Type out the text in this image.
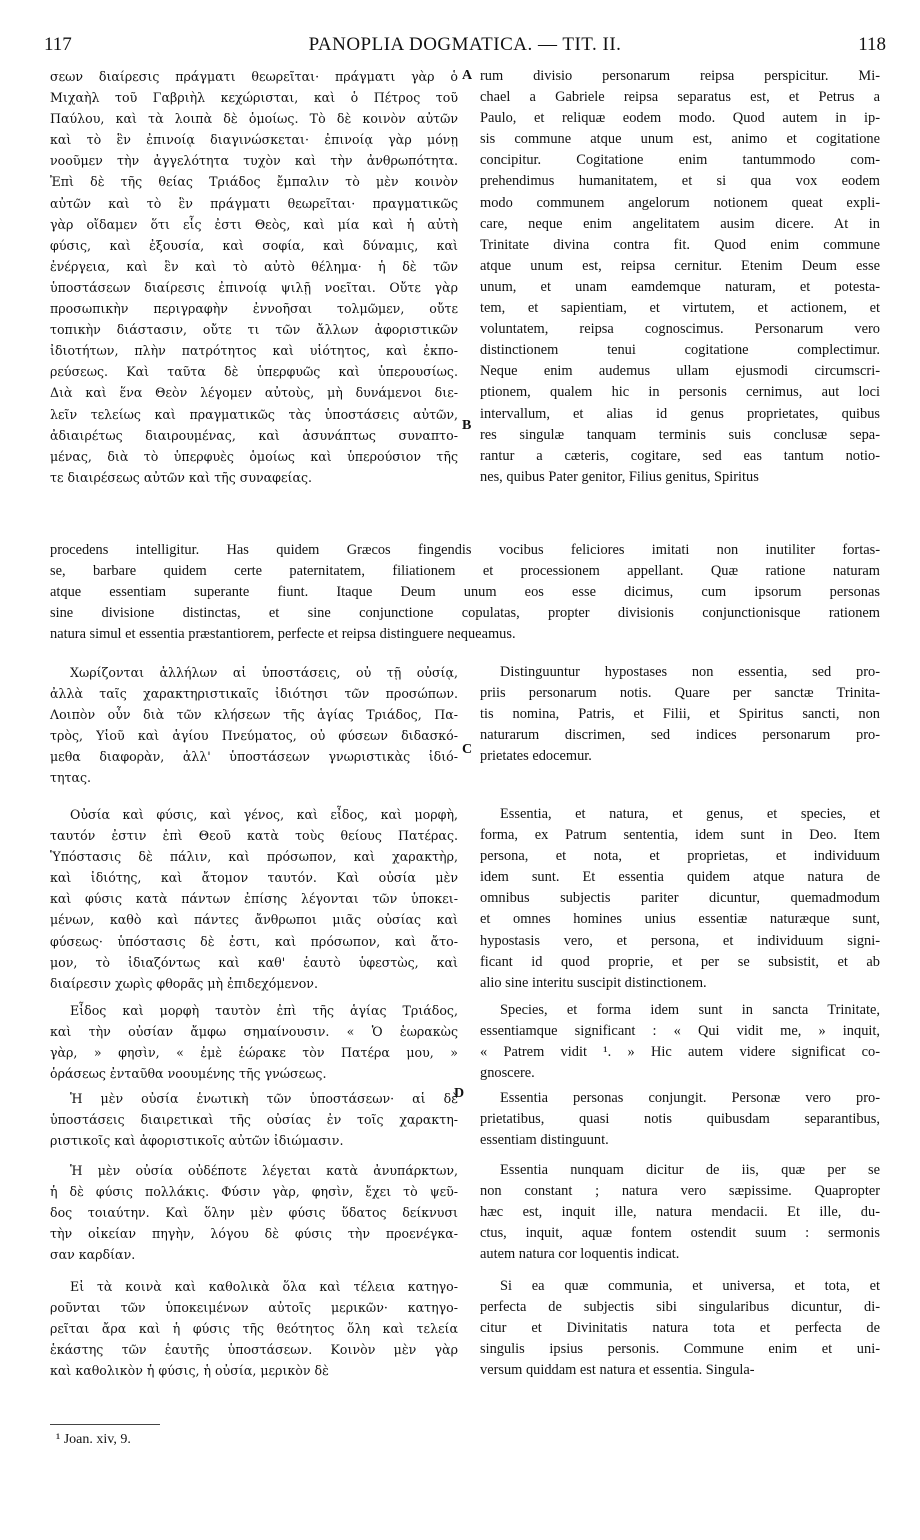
117	PANOPLIA DOGMATICA. — TIT. II.	118
A
B
C
D
σεων διαίρεσις πράγματι θεωρεῖται· πράγματι γὰρ ὁ
Μιχαὴλ τοῦ Γαβριὴλ κεχώρισται, καὶ ὁ Πέτρος τοῦ
Παύλου, καὶ τὰ λοιπὰ δὲ ὁμοίως. Τὸ δὲ κοινὸν αὐτῶν
καὶ τὸ ἓν ἐπινοίᾳ διαγινώσκεται· ἐπινοίᾳ γὰρ μόνῃ
νοοῦμεν τὴν ἀγγελότητα τυχὸν καὶ τὴν ἀνθρωπότητα.
Ἐπὶ δὲ τῆς θείας Τριάδος ἔμπαλιν τὸ μὲν κοινὸν
αὐτῶν καὶ τὸ ἓν πράγματι θεωρεῖται· πραγματικῶς
γὰρ οἴδαμεν ὅτι εἷς ἐστι Θεὸς, καὶ μία καὶ ἡ αὐτὴ
φύσις, καὶ ἐξουσία, καὶ σοφία, καὶ δύναμις, καὶ
ἐνέργεια, καὶ ἓν καὶ τὸ αὐτὸ θέλημα· ἡ δὲ τῶν
ὑποστάσεων διαίρεσις ἐπινοίᾳ ψιλῇ νοεῖται. Οὔτε γὰρ
προσωπικὴν περιγραφὴν ἐννοῆσαι τολμῶμεν, οὔτε
τοπικὴν διάστασιν, οὔτε τι τῶν ἄλλων ἀφοριστικῶν
ἰδιοτήτων, πλὴν πατρότητος καὶ υἱότητος, καὶ ἐκπο-
ρεύσεως. Καὶ ταῦτα δὲ ὑπερφυῶς καὶ ὑπερουσίως.
Διὰ καὶ ἕνα Θεὸν λέγομεν αὐτοὺς, μὴ δυνάμενοι διε-
λεῖν τελείως καὶ πραγματικῶς τὰς ὑποστάσεις αὐτῶν,
ἀδιαιρέτως διαιρουμένας, καὶ ἀσυνάπτως συναπτο-
μένας, διὰ τὸ ὑπερφυὲς ὁμοίως καὶ ὑπερούσιον τῆς
τε διαιρέσεως αὐτῶν καὶ τῆς συναφείας.
rum divisio personarum reipsa perspicitur. Mi-
chael a Gabriele reipsa separatus est, et Petrus a
Paulo, et reliquæ eodem modo. Quod autem in ip-
sis commune atque unum est, animo et cogitatione
concipitur. Cogitatione enim tantummodo com-
prehendimus humanitatem, et si qua vox eodem
modo communem angelorum notionem queat expli-
care, neque enim angelitatem ausim dicere. At in
Trinitate divina contra fit. Quod enim commune
atque unum est, reipsa cernitur. Etenim Deum esse
unum, et unam eamdemque naturam, et potesta-
tem, et sapientiam, et virtutem, et actionem, et
voluntatem, reipsa cognoscimus. Personarum vero
distinctionem tenui cogitatione complectimur.
Neque enim audemus ullam ejusmodi circumscri-
ptionem, qualem hic in personis cernimus, aut loci
intervallum, et alias id genus proprietates, quibus
res singulæ tanquam terminis suis conclusæ sepa-
rantur a cæteris, cogitare, sed eas tantum notio-
nes, quibus Pater genitor, Filius genitus, Spiritus
procedens intelligitur. Has quidem Græcos fingendis vocibus feliciores imitati non inutiliter fortas-
se, barbare quidem certe paternitatem, filiationem et processionem appellant. Quæ ratione naturam
atque essentiam superante fiunt. Itaque Deum unum eos esse dicimus, cum ipsorum personas
sine divisione distinctas, et sine conjunctione copulatas, propter divisionis conjunctionisque rationem
natura simul et essentia præstantiorem, perfecte et reipsa distinguere nequeamus.
Χωρίζονται ἀλλήλων αἱ ὑποστάσεις, οὐ τῇ οὐσίᾳ,
ἀλλὰ ταῖς χαρακτηριστικαῖς ἰδιότησι τῶν προσώπων.
Λοιπὸν οὖν διὰ τῶν κλήσεων τῆς ἁγίας Τριάδος, Πα-
τρὸς, Υἱοῦ καὶ ἁγίου Πνεύματος, οὐ φύσεων διδασκό-
μεθα διαφορὰν, ἀλλ' ὑποστάσεων γνωριστικὰς ἰδιό-
τητας.
Distinguuntur hypostases non essentia, sed pro-
priis personarum notis. Quare per sanctæ Trinita-
tis nomina, Patris, et Filii, et Spiritus sancti, non
naturarum discrimen, sed indices personarum pro-
prietates edocemur.
Οὐσία καὶ φύσις, καὶ γένος, καὶ εἶδος, καὶ μορφὴ,
ταυτόν ἐστιν ἐπὶ Θεοῦ κατὰ τοὺς θείους Πατέρας.
Ὑπόστασις δὲ πάλιν, καὶ πρόσωπον, καὶ χαρακτὴρ,
καὶ ἰδιότης, καὶ ἄτομον ταυτόν. Καὶ οὐσία μὲν
καὶ φύσις κατὰ πάντων ἐπίσης λέγονται τῶν ὑποκει-
μένων, καθὸ καὶ πάντες ἄνθρωποι μιᾶς οὐσίας καὶ
φύσεως· ὑπόστασις δὲ ἐστι, καὶ πρόσωπον, καὶ ἄτο-
μον, τὸ ἰδιαζόντως καὶ καθ' ἑαυτὸ ὑφεστὼς, καὶ
διαίρεσιν χωρὶς φθορᾶς μὴ ἐπιδεχόμενον.
Essentia, et natura, et genus, et species, et
forma, ex Patrum sententia, idem sunt in Deo. Item
persona, et nota, et proprietas, et individuum
idem sunt. Et essentia quidem atque natura de
omnibus subjectis pariter dicuntur, quemadmodum
et omnes homines unius essentiæ naturæque sunt,
hypostasis vero, et persona, et individuum signi-
ficant id quod proprie, et per se subsistit, et ab
alio sine interitu suscipit distinctionem.
Εἶδος καὶ μορφὴ ταυτὸν ἐπὶ τῆς ἁγίας Τριάδος,
καὶ τὴν οὐσίαν ἄμφω σημαίνουσιν. « Ὁ ἑωρακὼς
γὰρ, » φησὶν, « ἐμὲ ἑώρακε τὸν Πατέρα μου, »
ὁράσεως ἐνταῦθα νοουμένης τῆς γνώσεως.
Species, et forma idem sunt in sancta Trinitate,
essentiamque significant : « Qui vidit me, » inquit,
« Patrem vidit ¹. » Hic autem videre significat co-
gnoscere.
Ἡ μὲν οὐσία ἑνωτικὴ τῶν ὑποστάσεων· αἱ δὲ
ὑποστάσεις διαιρετικαὶ τῆς οὐσίας ἐν τοῖς χαρακτη-
ριστικοῖς καὶ ἀφοριστικοῖς αὐτῶν ἰδιώμασιν.
Essentia personas conjungit. Personæ vero pro-
prietatibus, quasi notis quibusdam separantibus,
essentiam distinguunt.
Ἡ μὲν οὐσία οὐδέποτε λέγεται κατὰ ἀνυπάρκτων,
ἡ δὲ φύσις πολλάκις. Φύσιν γὰρ, φησὶν, ἔχει τὸ ψεῦ-
δος τοιαύτην. Καὶ ὅλην μὲν φύσις ὕδατος δείκνυσι
τὴν οἰκείαν πηγὴν, λόγου δὲ φύσις τὴν προενέγκα-
σαν καρδίαν.
Essentia nunquam dicitur de iis, quæ per se
non constant ; natura vero sæpissime. Quapropter
hæc est, inquit ille, natura mendacii. Et ille, du-
ctus, inquit, aquæ fontem ostendit suum : sermonis
autem natura cor loquentis indicat.
Εἰ τὰ κοινὰ καὶ καθολικὰ ὅλα καὶ τέλεια κατηγο-
ροῦνται τῶν ὑποκειμένων αὐτοῖς μερικῶν· κατηγο-
ρεῖται ἄρα καὶ ἡ φύσις τῆς θεότητος ὅλη καὶ τελεία
ἑκάστης τῶν ἑαυτῆς ὑποστάσεων. Κοινὸν μὲν γὰρ
καὶ καθολικὸν ἡ φύσις, ἡ οὐσία, μερικὸν δὲ
Si ea quæ communia, et universa, et tota, et
perfecta de subjectis sibi singularibus dicuntur, di-
citur et Divinitatis natura tota et perfecta de
singulis ipsius personis. Commune enim et uni-
versum quiddam est natura et essentia. Singula-
¹ Joan. xiv, 9.
